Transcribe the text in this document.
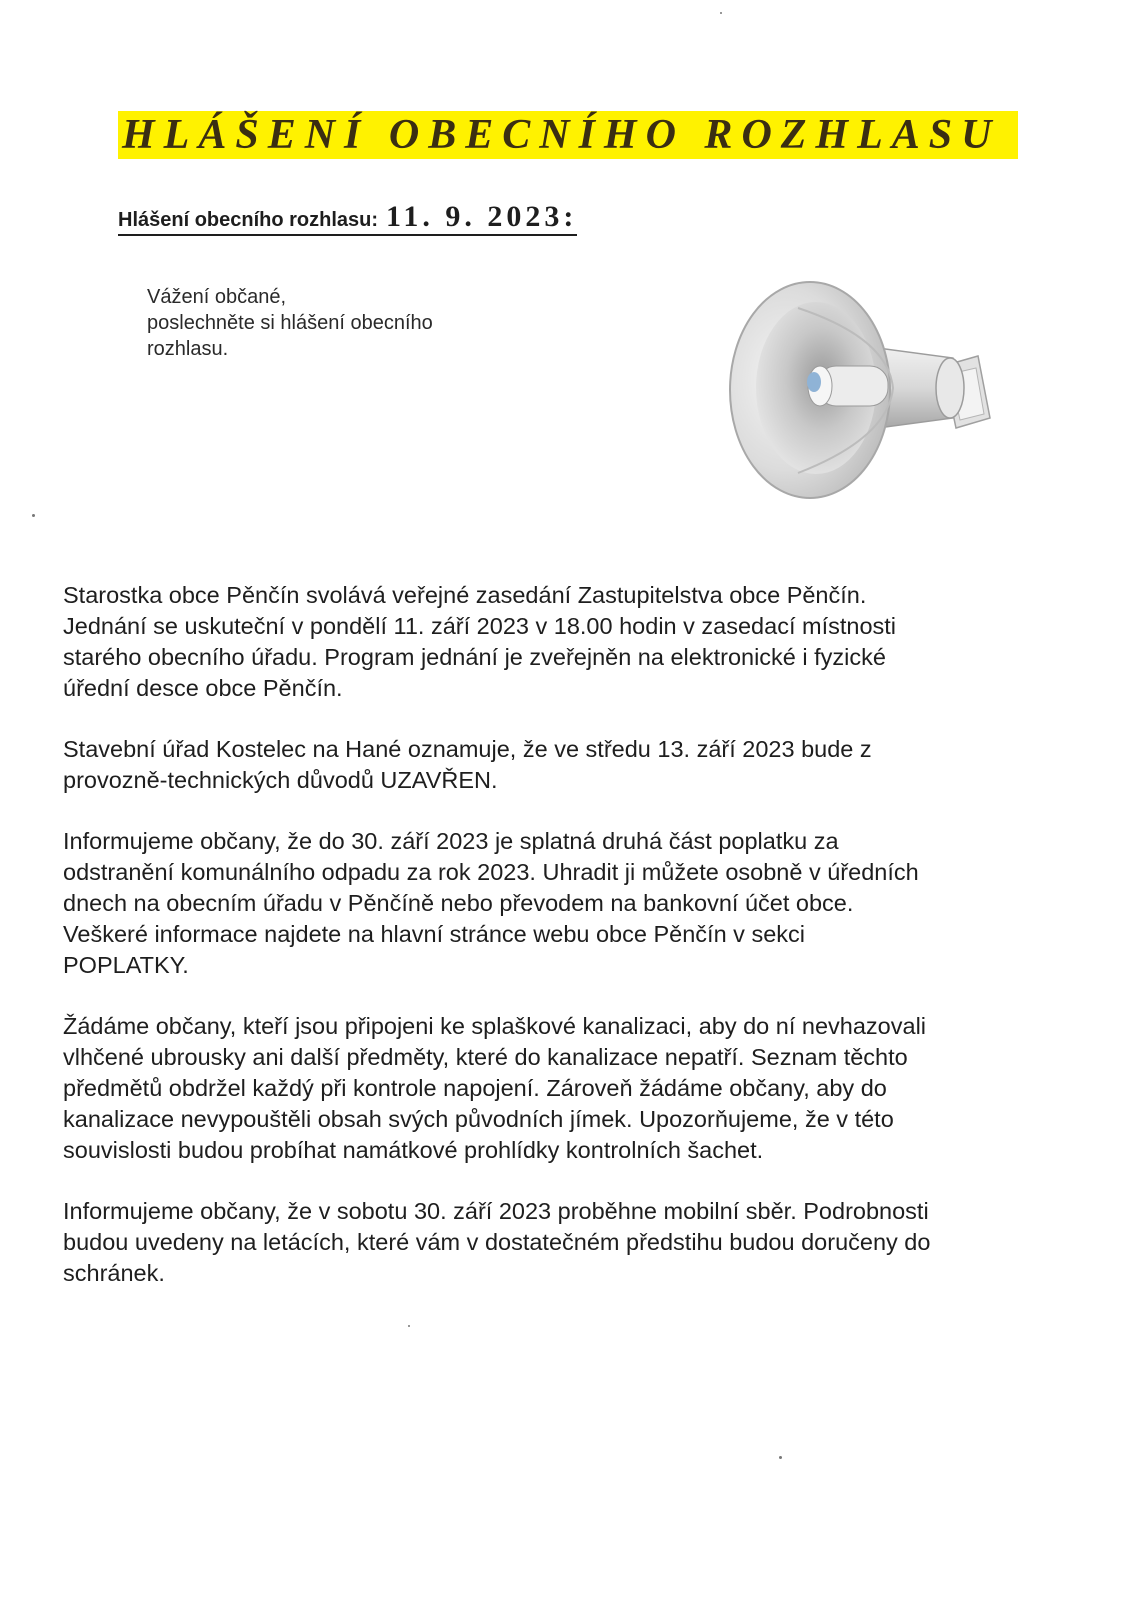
HLÁŠENÍ OBECNÍHO ROZHLASU
Hlášení obecního rozhlasu: 11. 9. 2023:
Vážení občané,
poslechněte si hlášení obecního
rozhlasu.
Starostka obce Pěnčín svolává veřejné zasedání Zastupitelstva obce Pěnčín.
Jednání se uskuteční v pondělí 11. září 2023 v 18.00 hodin v zasedací místnosti
starého obecního úřadu. Program jednání je zveřejněn na elektronické i fyzické
úřední desce obce Pěnčín.
Stavební úřad Kostelec na Hané oznamuje, že ve středu 13. září 2023 bude z
provozně-technických důvodů UZAVŘEN.
Informujeme občany, že do 30. září 2023 je splatná druhá část poplatku za
odstranění komunálního odpadu za rok 2023. Uhradit ji můžete osobně v úředních
dnech na obecním úřadu v Pěnčíně nebo převodem na bankovní účet obce.
Veškeré informace najdete na hlavní stránce webu obce Pěnčín v sekci
POPLATKY.
Žádáme občany, kteří jsou připojeni ke splaškové kanalizaci, aby do ní nevhazovali
vlhčené ubrousky ani další předměty, které do kanalizace nepatří. Seznam těchto
předmětů obdržel každý při kontrole napojení. Zároveň žádáme občany, aby do
kanalizace nevypouštěli obsah svých původních jímek. Upozorňujeme, že v této
souvislosti budou probíhat namátkové prohlídky kontrolních šachet.
Informujeme občany, že v sobotu 30. září 2023 proběhne mobilní sběr. Podrobnosti
budou uvedeny na letácích, které vám v dostatečném předstihu budou doručeny do
schránek.
